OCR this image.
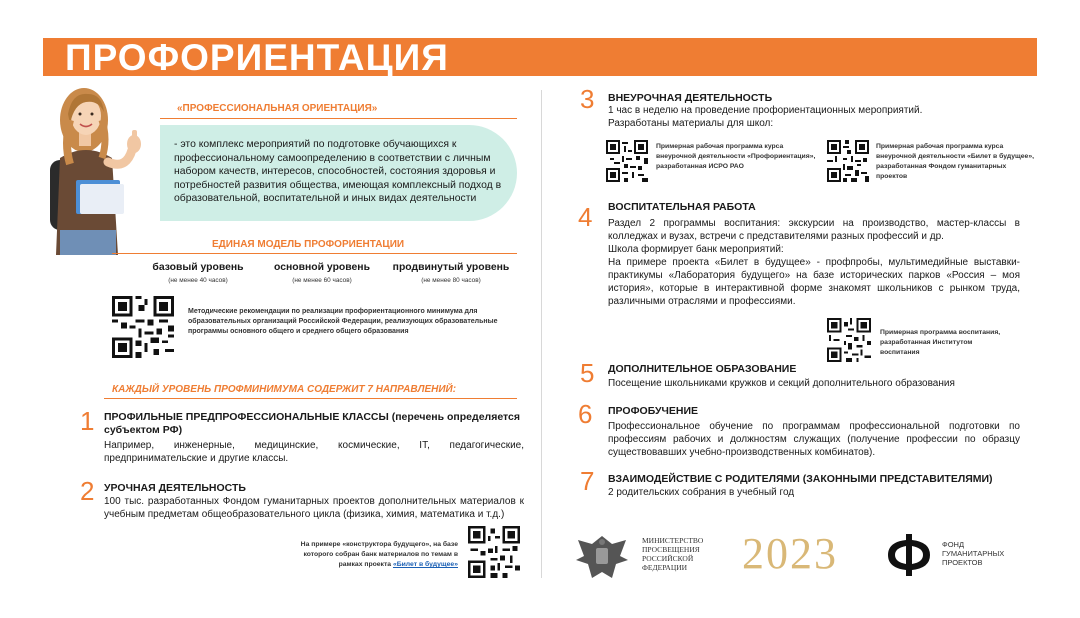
ПРОФОРИЕНТАЦИЯ
«ПРОФЕССИОНАЛЬНАЯ ОРИЕНТАЦИЯ»
- это комплекс мероприятий по подготовке обучающихся к профессиональному самоопределению в соответствии с личным набором качеств, интересов, способностей, состояния здоровья и потребностей развития общества, имеющая комплексный подход в образовательной, воспитательной и иных видах деятельности
ЕДИНАЯ МОДЕЛЬ ПРОФОРИЕНТАЦИИ
базовый уровень
(не менее 40 часов)
основной уровень
(не менее 60 часов)
продвинутый уровень
(не менее 80 часов)
Методические рекомендации по реализации профориентационного минимума для образовательных организаций Российской Федерации, реализующих образовательные программы основного общего и среднего общего образования
КАЖДЫЙ УРОВЕНЬ ПРОФМИНИМУМА СОДЕРЖИТ 7 НАПРАВЛЕНИЙ:
1 ПРОФИЛЬНЫЕ ПРЕДПРОФЕССИОНАЛЬНЫЕ КЛАССЫ (перечень определяется субъектом РФ)
Например, инженерные, медицинские, космические, IT, педагогические, предпринимательские и другие классы.
2 УРОЧНАЯ ДЕЯТЕЛЬНОСТЬ
100 тыс. разработанных Фондом гуманитарных проектов дополнительных материалов к учебным предметам общеобразовательного цикла (физика, химия, математика и т.д.)
На примере «конструктора будущего», на базе
которого собран банк материалов по темам в
рамках проекта «Билет в будущее»
3 ВНЕУРОЧНАЯ ДЕЯТЕЛЬНОСТЬ
1 час в неделю на проведение профориентационных мероприятий. Разработаны материалы для школ:
Примерная рабочая программа курса внеурочной деятельности «Профориентация», разработанная ИСРО РАО
Примерная рабочая программа курса внеурочной деятельности «Билет в будущее», разработанная Фондом гуманитарных проектов
4 ВОСПИТАТЕЛЬНАЯ РАБОТА
Раздел 2 программы воспитания: экскурсии на производство, мастер-классы в колледжах и вузах, встречи с представителями разных профессий и др.
Школа формирует банк мероприятий:
На примере проекта «Билет в будущее» - профпробы, мультимедийные выставки-практикумы «Лаборатория будущего» на базе исторических парков «Россия – моя история», которые в интерактивной форме знакомят школьников с рынком труда, различными отраслями и профессиями.
Примерная программа воспитания, разработанная Институтом воспитания
5 ДОПОЛНИТЕЛЬНОЕ ОБРАЗОВАНИЕ
Посещение школьниками кружков и секций дополнительного образования
6 ПРОФОБУЧЕНИЕ
Профессиональное обучение по программам профессиональной подготовки по профессиям рабочих и должностям служащих (получение профессии по образцу существовавших учебно-производственных комбинатов).
7 ВЗАИМОДЕЙСТВИЕ С РОДИТЕЛЯМИ (ЗАКОННЫМИ ПРЕДСТАВИТЕЛЯМИ)
2 родительских собрания в учебный год
МИНИСТЕРСТВО
ПРОСВЕЩЕНИЯ
РОССИЙСКОЙ
ФЕДЕРАЦИИ	2023	ФОНД
ГУМАНИТАРНЫХ
ПРОЕКТОВ
